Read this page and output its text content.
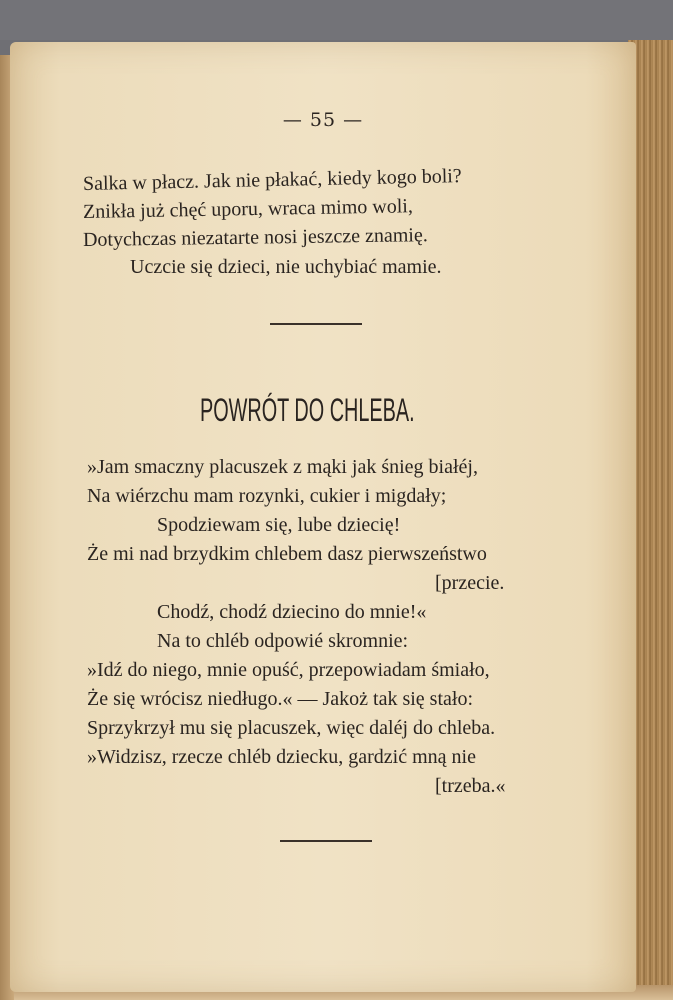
— 55 —
Salka w płacz. Jak nie płakać, kiedy kogo boli?
Znikła już chęć uporu, wraca mimo woli,
Dotychczas niezatarte nosi jeszcze znamię.
Uczcie się dzieci, nie uchybiać mamie.
POWRÓT DO CHLEBA.
»Jam smaczny placuszek z mąki jak śnieg białéj,
Na wiérzchu mam rozynki, cukier i migdały;
Spodziewam się, lube dziecię!
Że mi nad brzydkim chlebem dasz pierwszeństwo
[przecie.
Chodź, chodź dziecino do mnie!«
Na to chléb odpowié skromnie:
»Idź do niego, mnie opuść, przepowiadam śmiało,
Że się wrócisz niedługo.« — Jakoż tak się stało:
Sprzykrzył mu się placuszek, więc daléj do chleba.
»Widzisz, rzecze chléb dziecku, gardzić mną nie
[trzeba.«
